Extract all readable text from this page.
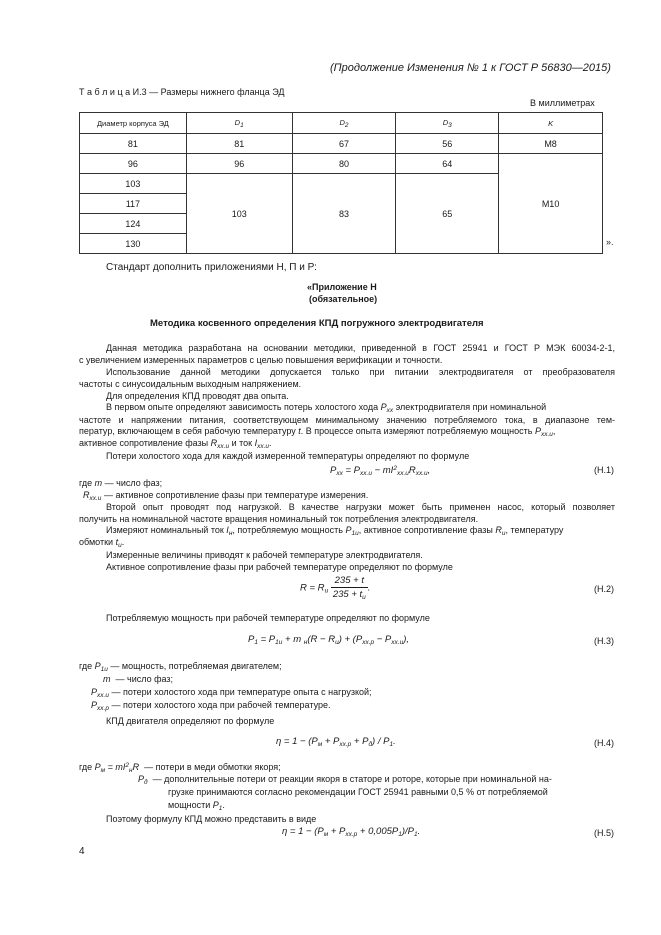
(Продолжение Изменения № 1 к ГОСТ Р 56830—2015)
Т а б л и ц а И.3 — Размеры нижнего фланца ЭД
В миллиметрах
Диаметр корпуса ЭД	D1	D2	D3	K
81	81	67	56	М8
96	96	80	64	М10
103	103	83	65	
117				
124				
130					».
Стандарт дополнить приложениями Н, П и Р:
«Приложение Н
(обязательное)
Методика косвенного определения КПД погружного электродвигателя
Данная методика разработана на основании методики, приведенной в ГОСТ 25941 и ГОСТ Р МЭК 60034-2-1,
с увеличением измеренных параметров с целью повышения верификации и точности.
Использование данной методики допускается только при питании электродвигателя от преобразователя
частоты с синусоидальным выходным напряжением.
Для определения КПД проводят два опыта.
В первом опыте определяют зависимость потерь холостого хода $P_{хх}$ электродвигателя при номинальной
частоте и напряжении питания, соответствующем минимальному значению потребляемого тока, в диапазоне тем-
ператур, включающем в себя рабочую температуру t. В процессе опыта измеряют потребляемую мощность $P_{хх.и}$,
активное сопротивление фазы $R_{хх.и}$ и ток $I_{хх.и}$.
Потери холостого хода для каждой измеренной температуры определяют по формуле
$P_{хх} = P_{хх.и} - mI^2_{хх.и}R_{хх.и}$,	(Н.1)
где m — число фаз;
$R_{хх.и}$ — активное сопротивление фазы при температуре измерения.
Второй опыт проводят под нагрузкой. В качестве нагрузки может быть применен насос, который позволяет
получить на номинальной частоте вращения номинальный ток потребления электродвигателя.
Измеряют номинальный ток $I_н$, потребляемую мощность $P_{1и}$, активное сопротивление фазы $R_и$, температуру
обмотки $t_и$.
Измеренные величины приводят к рабочей температуре электродвигателя.
Активное сопротивление фазы при рабочей температуре определяют по формуле
$R = R_и \frac{235 + t}{235 + t_и}$ .	(Н.2)
Потребляемую мощность при рабочей температуре определяют по формуле
$P_1 = P_{1и} + m$ $_н(R - R_и) + (P_{хх.р} - P_{хх.и})$,	(Н.3)
где $P_{1и}$ — мощность, потребляемая двигателем;
m — число фаз;
$P_{хх.и}$ — потери холостого хода при температуре опыта с нагрузкой;
$P_{хх.р}$ — потери холостого хода при рабочей температуре.
КПД двигателя определяют по формуле
$\eta = 1 - (P_м + P_{хх.р} + P_д) / P_1$.	(Н.4)
где $P_м = mI^2_нR$ — потери в меди обмотки якоря;
$P_д$ — дополнительные потери от реакции якоря в статоре и роторе, которые при номинальной на-
грузке принимаются согласно рекомендации ГОСТ 25941 равными 0,5 % от потребляемой
мощности $P_1$.
Поэтому формулу КПД можно представить в виде
$\eta = 1 - (P_м + P_{хх.р} + 0,005P_1)/P_1$.	(Н.5)
4
